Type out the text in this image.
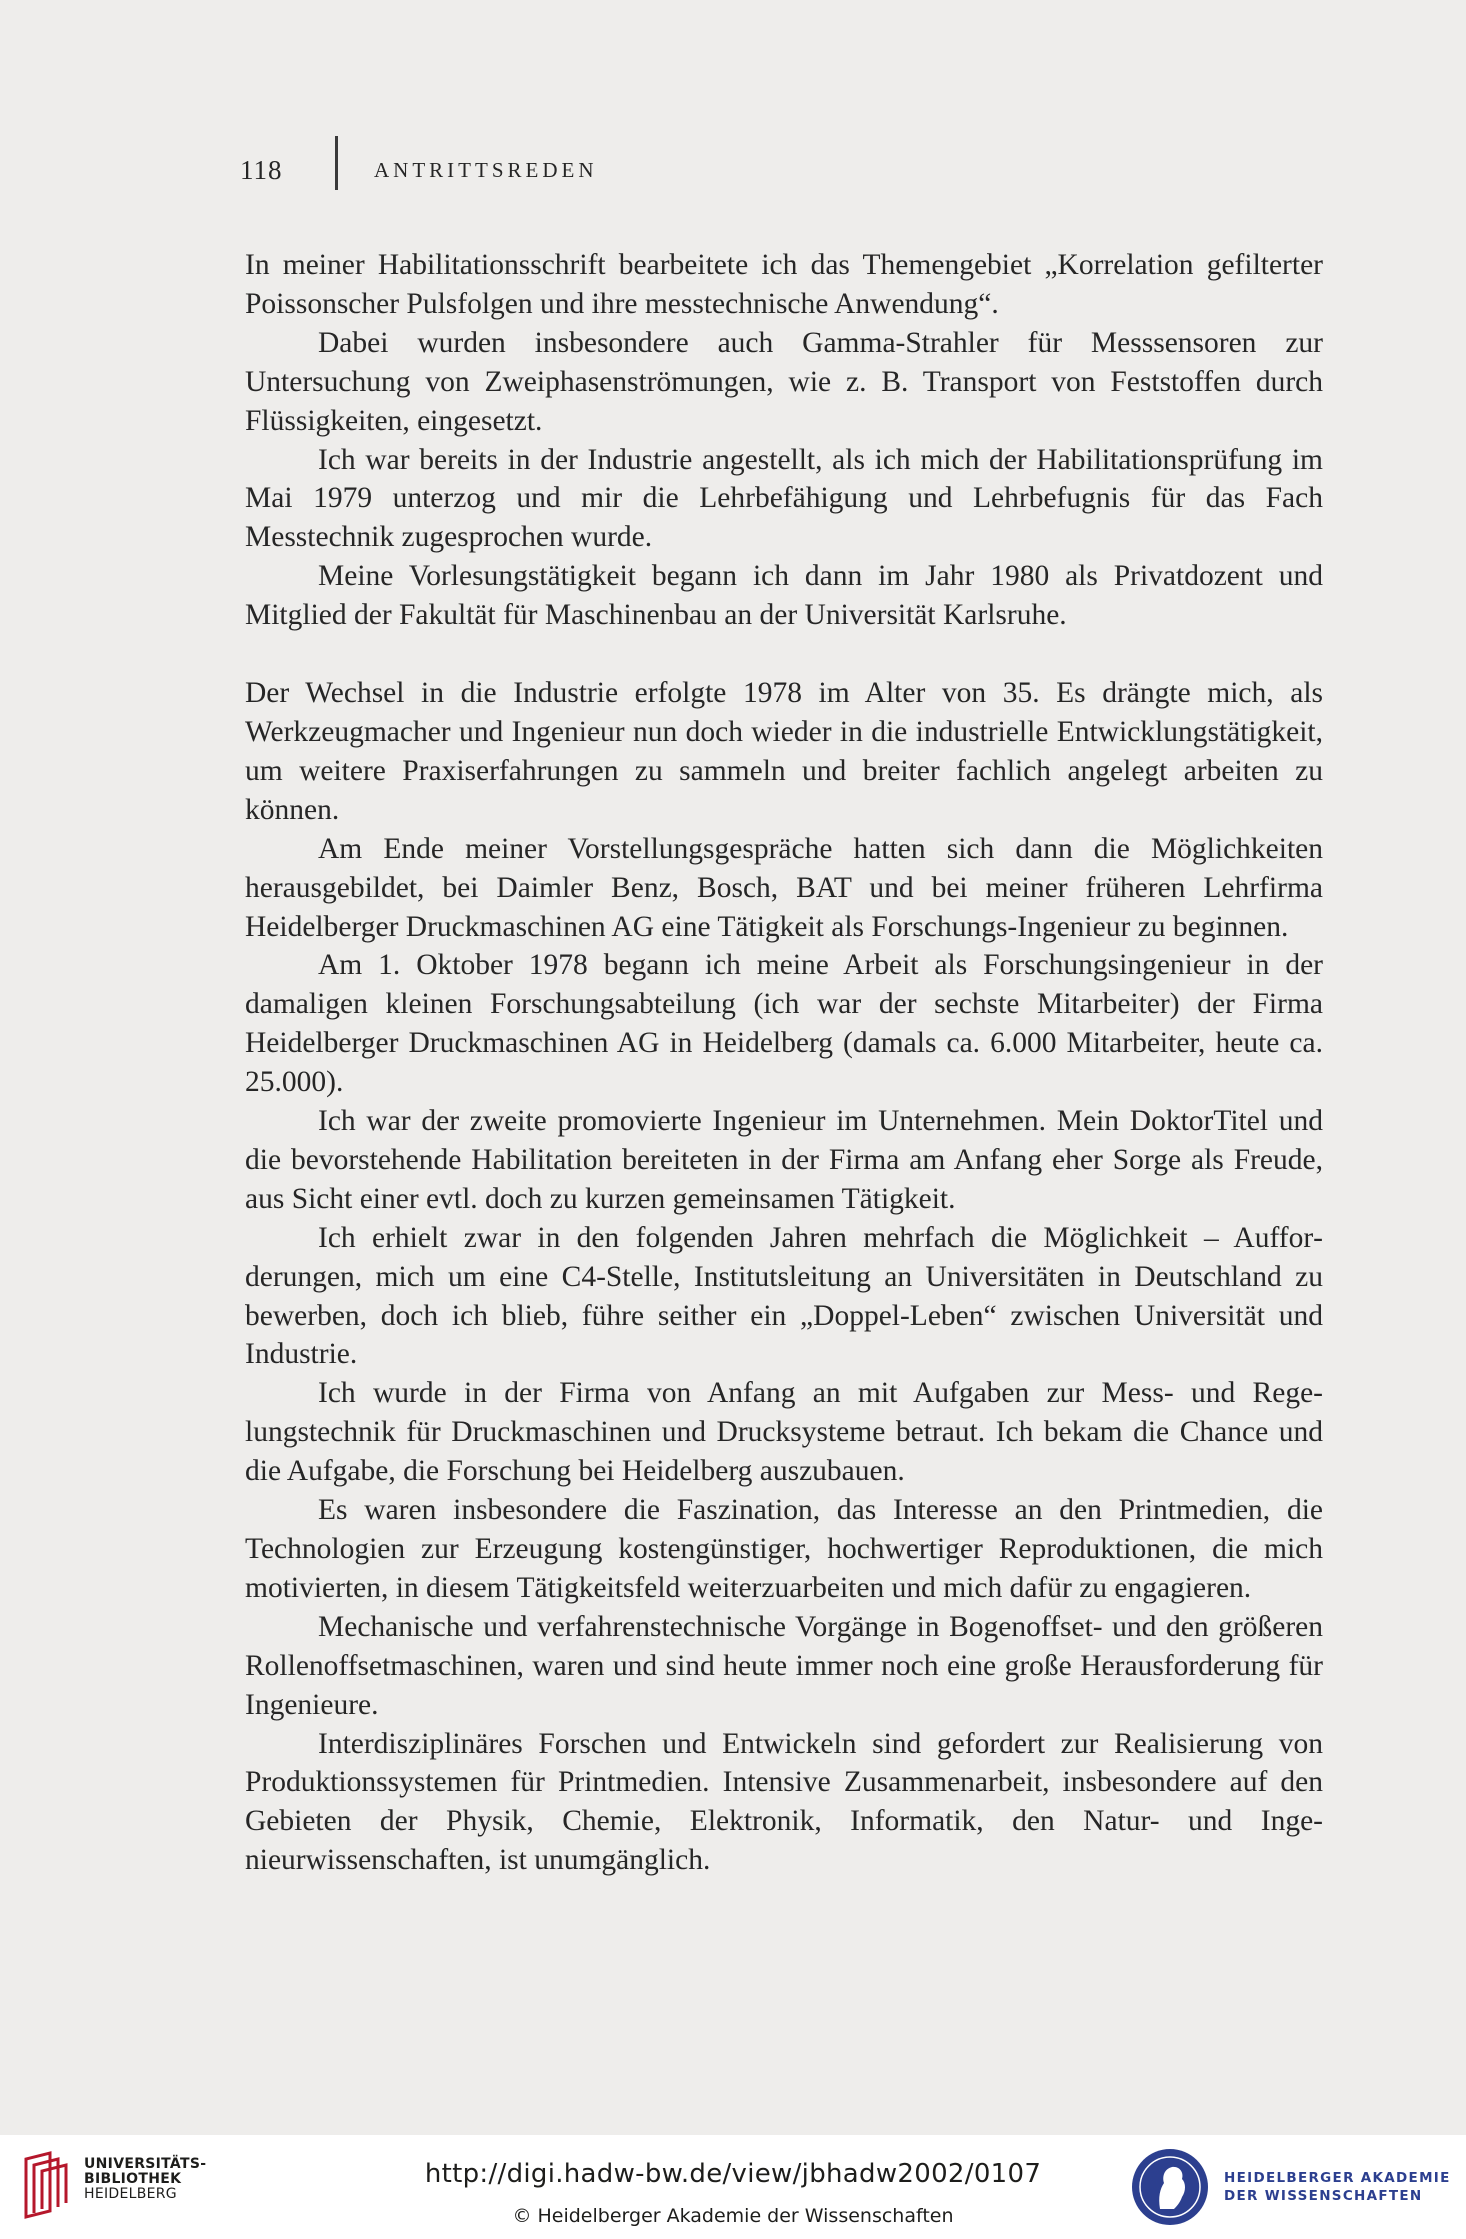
118	ANTRITTSREDEN

In meiner Habilitationsschrift bearbeitete ich das Themengebiet „Korrelation gefilterter Poissonscher Pulsfolgen und ihre messtechnische Anwendung“.

Dabei wurden insbesondere auch Gamma-Strahler für Messsensoren zur Untersuchung von Zweiphasenströmungen, wie z. B. Transport von Feststoffen durch Flüssigkeiten, eingesetzt.

Ich war bereits in der Industrie angestellt, als ich mich der Habilitationsprüfung im Mai 1979 unterzog und mir die Lehrbefähigung und Lehrbefugnis für das Fach Messtechnik zugesprochen wurde.

Meine Vorlesungstätigkeit begann ich dann im Jahr 1980 als Privatdozent und Mitglied der Fakultät für Maschinenbau an der Universität Karlsruhe.

Der Wechsel in die Industrie erfolgte 1978 im Alter von 35. Es drängte mich, als Werkzeugmacher und Ingenieur nun doch wieder in die industrielle Entwicklungstätigkeit, um weitere Praxiserfahrungen zu sammeln und breiter fachlich angelegt arbeiten zu können.

Am Ende meiner Vorstellungsgespräche hatten sich dann die Möglichkeiten herausgebildet, bei Daimler Benz, Bosch, BAT und bei meiner früheren Lehrfirma Heidelberger Druckmaschinen AG eine Tätigkeit als Forschungs-Ingenieur zu beginnen.

Am 1. Oktober 1978 begann ich meine Arbeit als Forschungsingenieur in der damaligen kleinen Forschungsabteilung (ich war der sechste Mitarbeiter) der Firma Heidelberger Druckmaschinen AG in Heidelberg (damals ca. 6.000 Mitarbeiter, heute ca. 25.000).

Ich war der zweite promovierte Ingenieur im Unternehmen. Mein DoktorTitel und die bevorstehende Habilitation bereiteten in der Firma am Anfang eher Sorge als Freude, aus Sicht einer evtl. doch zu kurzen gemeinsamen Tätigkeit.

Ich erhielt zwar in den folgenden Jahren mehrfach die Möglichkeit – Aufforderungen, mich um eine C4-Stelle, Institutsleitung an Universitäten in Deutschland zu bewerben, doch ich blieb, führe seither ein „Doppel-Leben“ zwischen Universität und Industrie.

Ich wurde in der Firma von Anfang an mit Aufgaben zur Mess- und Regelungstechnik für Druckmaschinen und Drucksysteme betraut. Ich bekam die Chance und die Aufgabe, die Forschung bei Heidelberg auszubauen.

Es waren insbesondere die Faszination, das Interesse an den Printmedien, die Technologien zur Erzeugung kostengünstiger, hochwertiger Reproduktionen, die mich motivierten, in diesem Tätigkeitsfeld weiterzuarbeiten und mich dafür zu engagieren.

Mechanische und verfahrenstechnische Vorgänge in Bogenoffset- und den größeren Rollenoffsetmaschinen, waren und sind heute immer noch eine große Herausforderung für Ingenieure.

Interdisziplinäres Forschen und Entwickeln sind gefordert zur Realisierung von Produktionssystemen für Printmedien. Intensive Zusammenarbeit, insbesondere auf den Gebieten der Physik, Chemie, Elektronik, Informatik, den Natur- und Ingenieurwissenschaften, ist unumgänglich.

UNIVERSITÄTS-
BIBLIOTHEK
HEIDELBERG
http://digi.hadw-bw.de/view/jbhadw2002/0107
© Heidelberger Akademie der Wissenschaften
HEIDELBERGER AKADEMIE
DER WISSENSCHAFTEN
